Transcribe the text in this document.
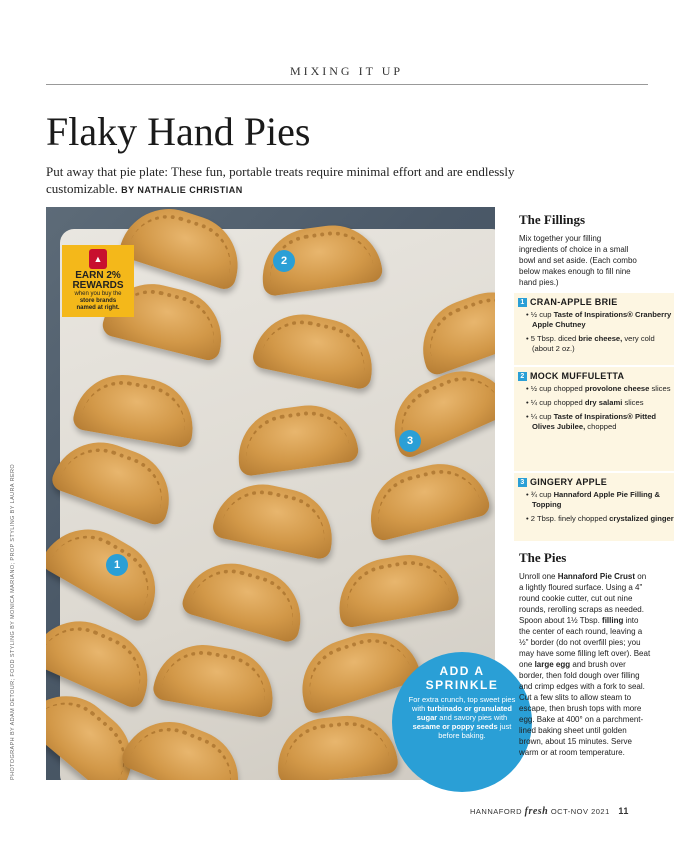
MIXING IT UP
Flaky Hand Pies
Put away that pie plate: These fun, portable treats require minimal effort and are endlessly customizable. BY NATHALIE CHRISTIAN
2
3
1
PHOTOGRAPH BY ADAM DETOUR; FOOD STYLING BY MONICA MARIANO; PROP STYLING BY LAURA RERO
▲
EARN 2%
REWARDS
when you buy the
store brands
named at right.
ADD A
SPRINKLE
For extra crunch, top sweet pies with turbinado or granulated sugar and savory pies with sesame or poppy seeds just before baking.
The Fillings
Mix together your filling ingredients of choice in a small bowl and set aside. (Each combo below makes enough to fill nine hand pies.)
1 CRAN-APPLE BRIE
• ½ cup Taste of Inspirations® Cranberry Apple Chutney
• 5 Tbsp. diced brie cheese, very cold (about 2 oz.)
2 MOCK MUFFULETTA
• ½ cup chopped provolone cheese slices
• ¼ cup chopped dry salami slices
• ¼ cup Taste of Inspirations® Pitted Olives Jubilee, chopped
3 GINGERY APPLE
• ¾ cup Hannaford Apple Pie Filling & Topping
• 2 Tbsp. finely chopped crystalized ginger
The Pies
Unroll one Hannaford Pie Crust on a lightly floured surface. Using a 4" round cookie cutter, cut out nine rounds, rerolling scraps as needed. Spoon about 1½ Tbsp. filling into the center of each round, leaving a ½" border (do not overfill pies; you may have some filling left over). Beat one large egg and brush over border, then fold dough over filling and crimp edges with a fork to seal. Cut a few slits to allow steam to escape, then brush tops with more egg. Bake at 400° on a parchment-lined baking sheet until golden brown, about 15 minutes. Serve warm or at room temperature.
HANNAFORD fresh OCT-NOV 2021 11
